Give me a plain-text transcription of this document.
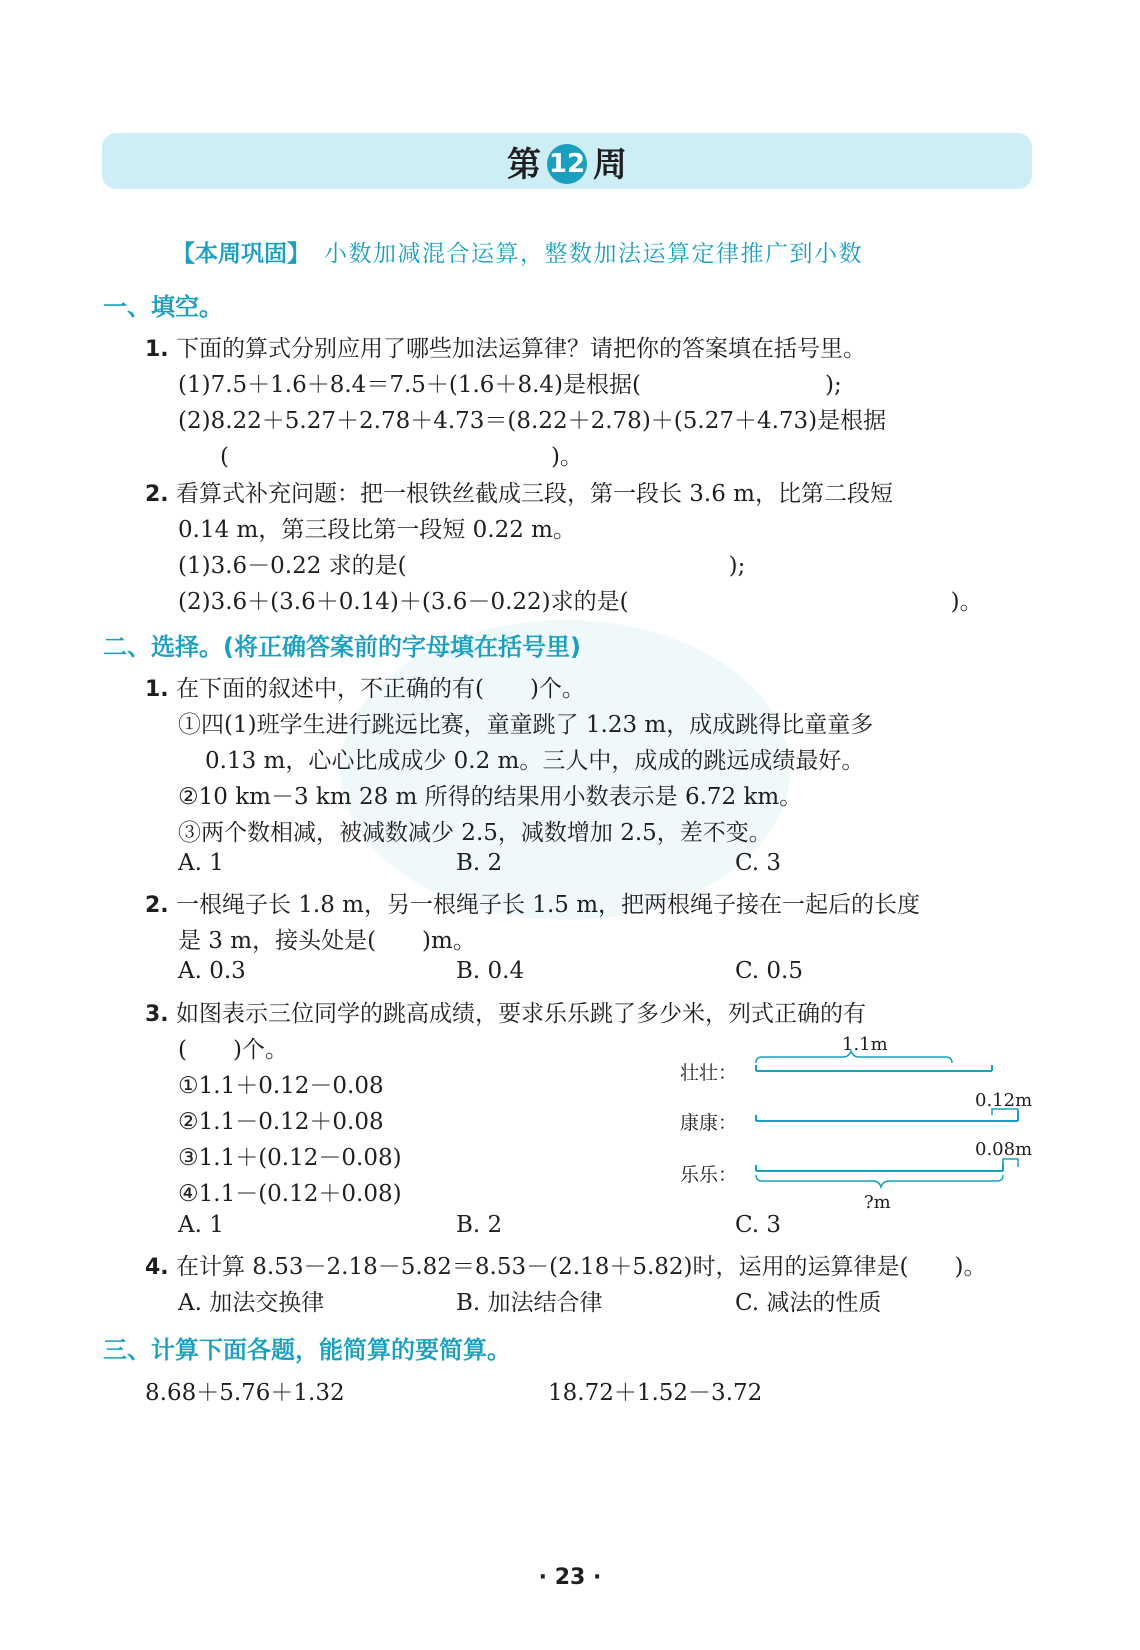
第 12 周
【本周巩固】 小数加减混合运算，整数加法运算定律推广到小数
一、填空。
1. 下面的算式分别应用了哪些加法运算律？请把你的答案填在括号里。
(1)7.5＋1.6＋8.4＝7.5＋(1.6＋8.4)是根据(　　　　　　　　);
(2)8.22＋5.27＋2.78＋4.73＝(8.22＋2.78)＋(5.27＋4.73)是根据
(　　　　　　　　　　　　　　)。
2. 看算式补充问题：把一根铁丝截成三段，第一段长 3.6 m，比第二段短
0.14 m，第三段比第一段短 0.22 m。
(1)3.6－0.22 求的是(　　　　　　　　　　　　　　);
(2)3.6＋(3.6＋0.14)＋(3.6－0.22)求的是(　　　　　　　　　　　　　　)。
二、选择。(将正确答案前的字母填在括号里)
1. 在下面的叙述中，不正确的有(　　)个。
①四(1)班学生进行跳远比赛，童童跳了 1.23 m，成成跳得比童童多
0.13 m，心心比成成少 0.2 m。三人中，成成的跳远成绩最好。
②10 km－3 km 28 m 所得的结果用小数表示是 6.72 km。
③两个数相减，被减数减少 2.5，减数增加 2.5，差不变。
A. 1	B. 2	C. 3
2. 一根绳子长 1.8 m，另一根绳子长 1.5 m，把两根绳子接在一起后的长度
是 3 m，接头处是(　　)m。
A. 0.3	B. 0.4	C. 0.5
3. 如图表示三位同学的跳高成绩，要求乐乐跳了多少米，列式正确的有
(　　)个。
①1.1＋0.12－0.08
②1.1－0.12＋0.08
③1.1＋(0.12－0.08)
④1.1－(0.12＋0.08)
A. 1	B. 2	C. 3
壮壮：
康康：
乐乐：
1.1m
0.12m
0.08m
?m
4. 在计算 8.53－2.18－5.82＝8.53－(2.18＋5.82)时，运用的运算律是(　　)。
A. 加法交换律	B. 加法结合律	C. 减法的性质
三、计算下面各题，能简算的要简算。
8.68＋5.76＋1.32	18.72＋1.52－3.72
· 23 ·
